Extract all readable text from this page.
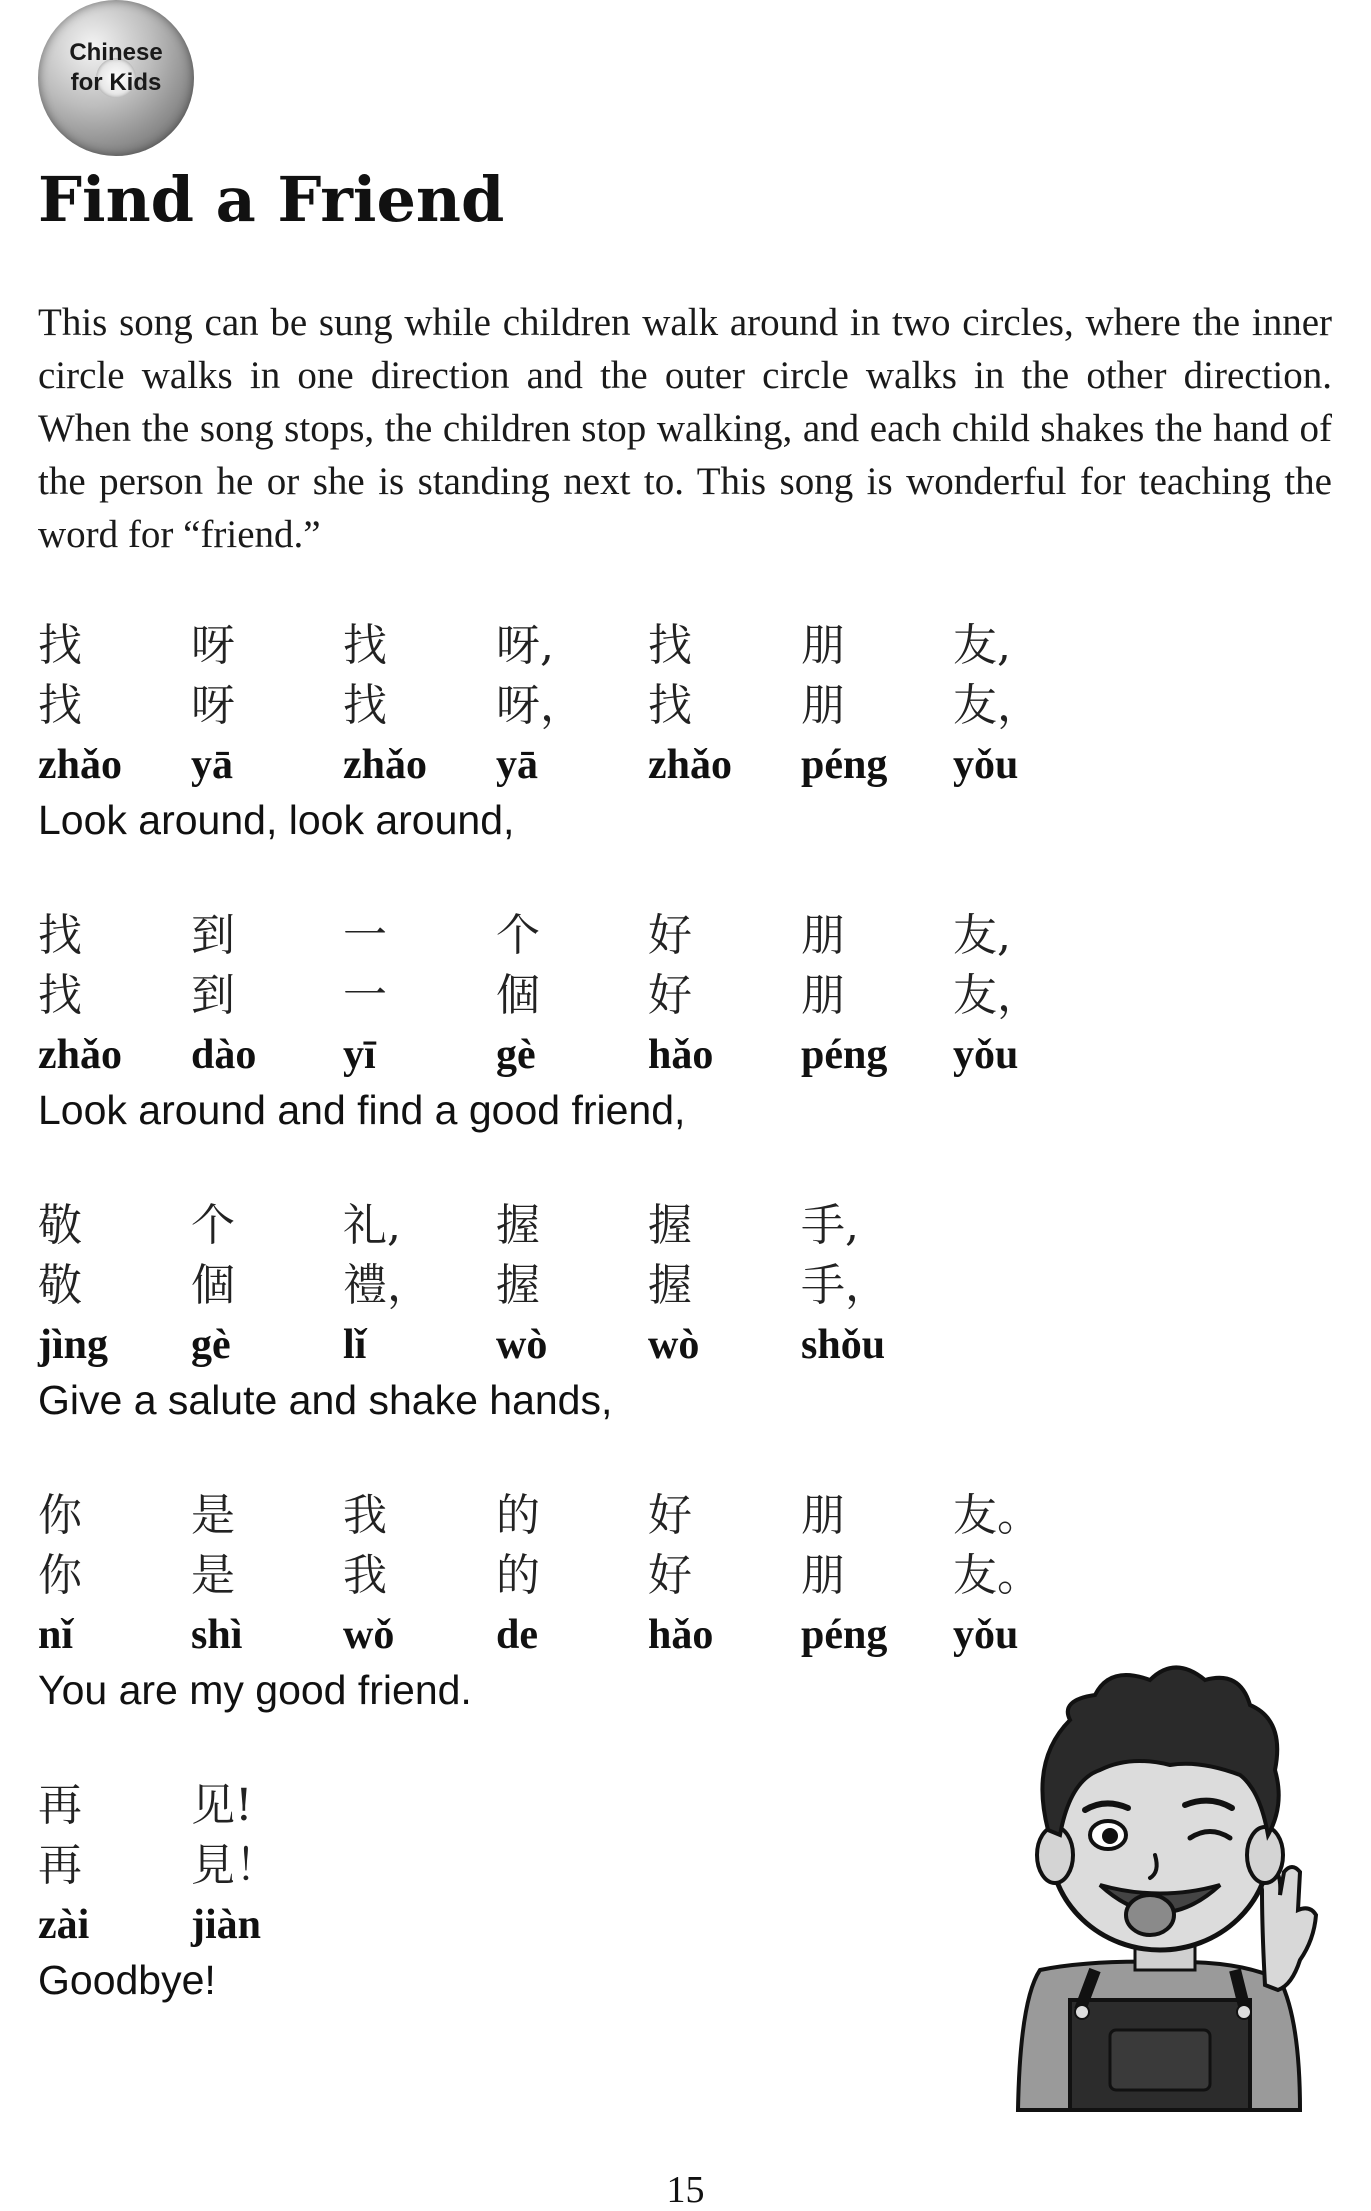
Chinese
for Kids
Find a Friend

This song can be sung while children walk around in two circles, where the inner circle walks in one direction and the outer circle walks in the other direction. When the song stops, the children stop walking, and each child shakes the hand of the person he or she is standing next to. This song is wonderful for teaching the word for “friend.”

找 呀 找 呀, 找 朋 友,
找 呀 找 呀， 找 朋 友，
zhǎo yā	zhǎo yā	zhǎo péng yǒu
Look around, look around,
找 到 一 个 好 朋 友,
找 到 一 個 好 朋 友，
zhǎo dào yī	gè	hǎo péng yǒu
Look around and find a good friend,
敬 个 礼, 握 握 手,
敬 個 禮， 握 握 手，
jìng gè	lǐ	wò wò shǒu
Give a salute and shake hands,
你 是 我 的 好 朋 友。
你 是 我 的 好 朋 友。
nǐ	shì wǒ de	hǎo péng yǒu
You are my good friend.
再 见!
再 見！
zài jiàn
Goodbye!
15
